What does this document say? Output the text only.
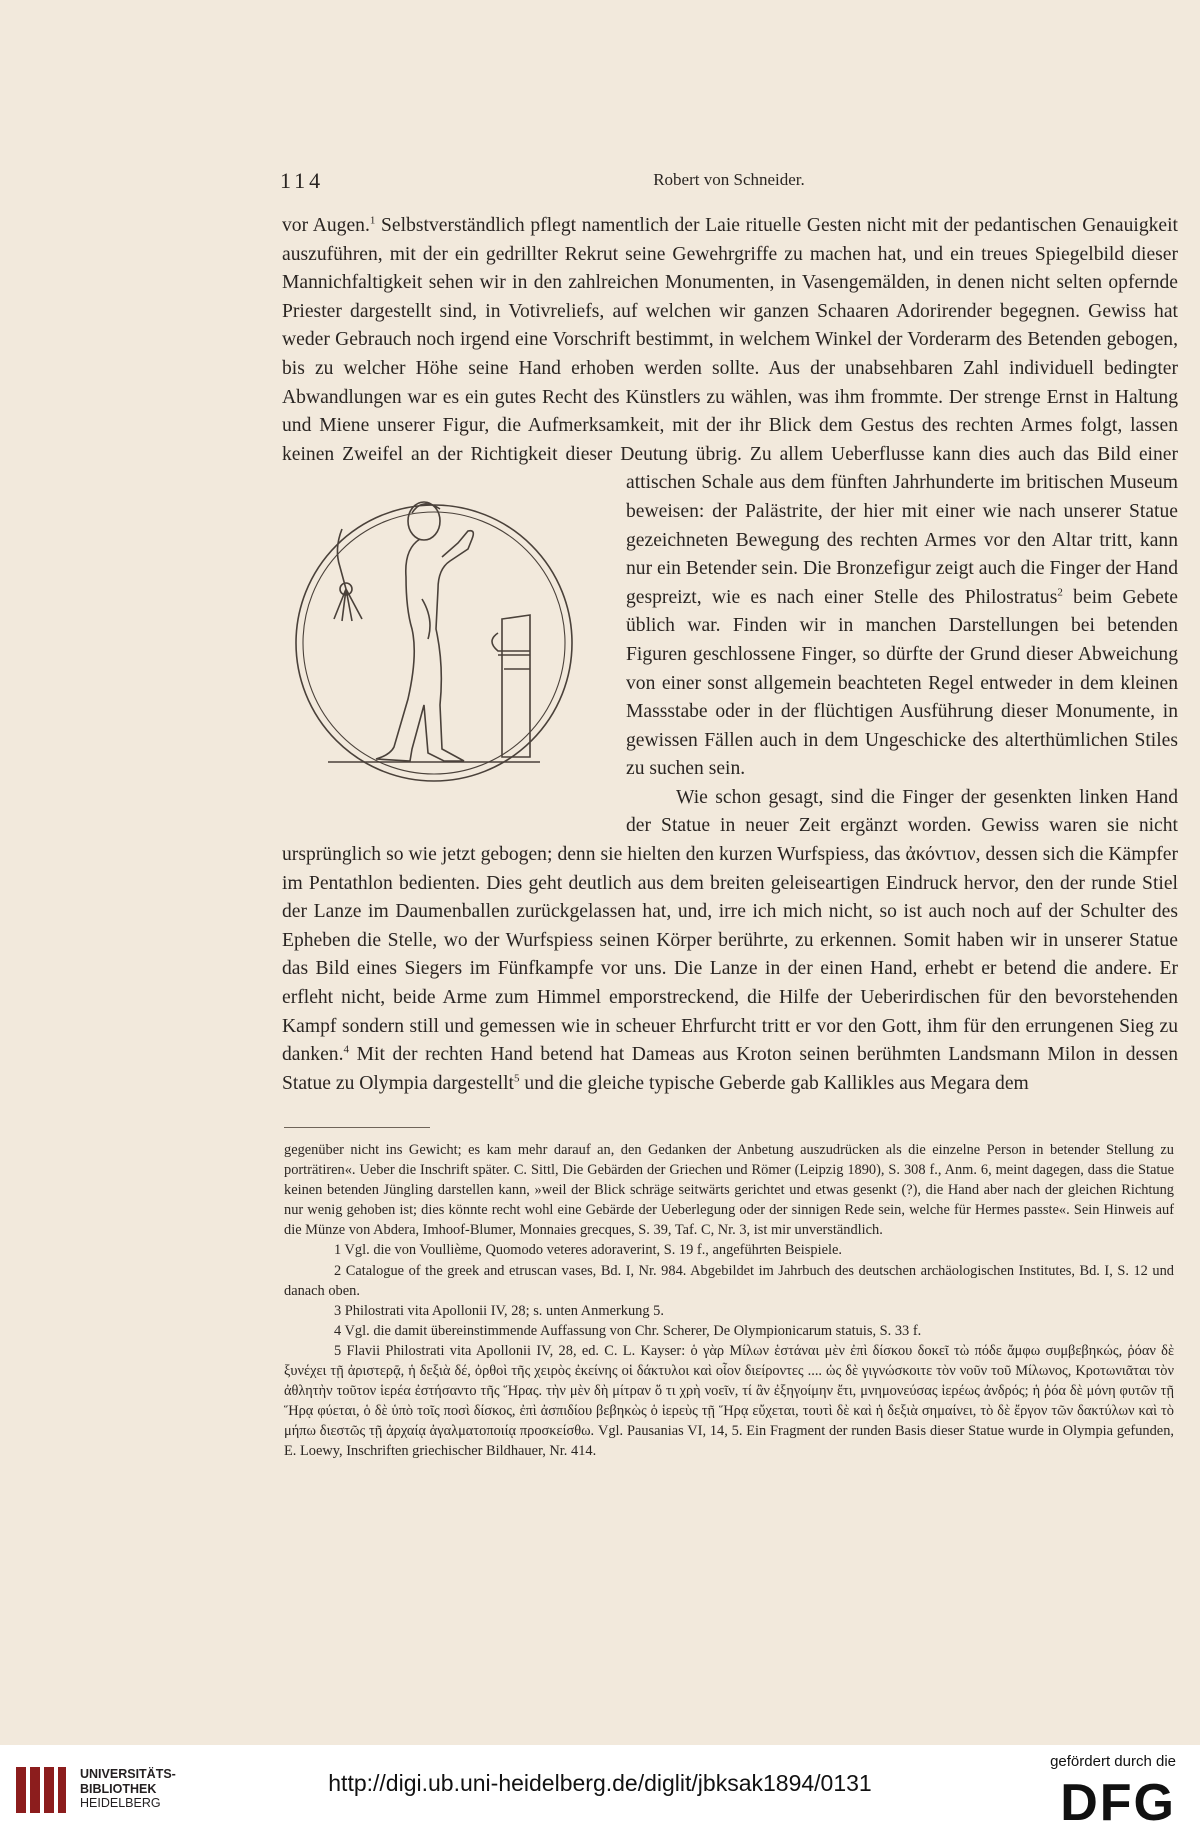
114	Robert von Schneider.

vor Augen.$^1$ Selbstverständlich pflegt namentlich der Laie rituelle Gesten nicht mit der pedantischen Genauigkeit auszuführen, mit der ein gedrillter Rekrut seine Gewehrgriffe zu machen hat, und ein treues Spiegelbild dieser Mannichfaltigkeit sehen wir in den zahlreichen Monumenten, in Vasengemälden, in denen nicht selten opfernde Priester dargestellt sind, in Votivreliefs, auf welchen wir ganzen Schaaren Adorirender begegnen. Gewiss hat weder Gebrauch noch irgend eine Vorschrift bestimmt, in welchem Winkel der Vorderarm des Betenden gebogen, bis zu welcher Höhe seine Hand erhoben werden sollte. Aus der unabsehbaren Zahl individuell bedingter Abwandlungen war es ein gutes Recht des Künstlers zu wählen, was ihm frommte. Der strenge Ernst in Haltung und Miene unserer Figur, die Aufmerksamkeit, mit der ihr Blick dem Gestus des rechten Armes folgt, lassen keinen Zweifel an der Richtigkeit dieser Deutung übrig. Zu allem Ueberflusse kann dies auch das Bild einer attischen Schale aus dem fünften Jahrhunderte im britischen Museum
beweisen: der Palästrite, der hier mit einer wie nach unserer Statue gezeichneten Bewegung des rechten Armes vor den Altar tritt, kann nur ein Betender sein. Die Bronzefigur zeigt auch die Finger der Hand gespreizt, wie es nach einer Stelle des Philostratus$^2$ beim Gebete üblich war. Finden wir in manchen Darstellungen bei betenden Figuren geschlossene Finger, so dürfte der Grund dieser Abweichung von einer sonst allgemein beachteten Regel entweder in dem kleinen Massstabe oder in der flüchtigen Ausführung dieser Monumente, in gewissen Fällen auch in dem Ungeschicke des alterthümlichen Stiles zu suchen sein.

Wie schon gesagt, sind die Finger der gesenkten linken Hand der Statue in neuer Zeit ergänzt worden. Gewiss waren sie nicht ursprünglich so wie jetzt gebogen; denn sie hielten den kurzen Wurfspiess, das ἀκόντιον, dessen sich die Kämpfer im Pentathlon bedienten. Dies geht deutlich aus dem breiten geleiseartigen Eindruck hervor, den der runde Stiel der Lanze im Daumenballen zurückgelassen hat, und, irre ich mich nicht, so ist auch noch auf der Schulter des Epheben die Stelle, wo der Wurfspiess seinen Körper berührte, zu erkennen. Somit haben wir in unserer Statue das Bild eines Siegers im Fünfkampfe vor uns. Die Lanze in der einen Hand, erhebt er betend die andere. Er erfleht nicht, beide Arme zum Himmel emporstreckend, die Hilfe der Ueberirdischen für den bevorstehenden Kampf sondern still und gemessen wie in scheuer Ehrfurcht tritt er vor den Gott, ihm für den errungenen Sieg zu danken.$^4$ Mit der rechten Hand betend hat Dameas aus Kroton seinen berühmten Landsmann Milon in dessen Statue zu Olympia dargestellt$^5$ und die gleiche typische Geberde gab Kallikles aus Megara dem

gegenüber nicht ins Gewicht; es kam mehr darauf an, den Gedanken der Anbetung auszudrücken als die einzelne Person in betender Stellung zu porträtiren«. Ueber die Inschrift später. C. Sittl, Die Gebärden der Griechen und Römer (Leipzig 1890), S. 308 f., Anm. 6, meint dagegen, dass die Statue keinen betenden Jüngling darstellen kann, »weil der Blick schräge seitwärts gerichtet und etwas gesenkt (?), die Hand aber nach der gleichen Richtung nur wenig gehoben ist; dies könnte recht wohl eine Gebärde der Ueberlegung oder der sinnigen Rede sein, welche für Hermes passte«. Sein Hinweis auf die Münze von Abdera, Imhoof-Blumer, Monnaies grecques, S. 39, Taf. C, Nr. 3, ist mir unverständlich.

1 Vgl. die von Voullième, Quomodo veteres adoraverint, S. 19 f., angeführten Beispiele.

2 Catalogue of the greek and etruscan vases, Bd. I, Nr. 984. Abgebildet im Jahrbuch des deutschen archäologischen Institutes, Bd. I, S. 12 und danach oben.

3 Philostrati vita Apollonii IV, 28; s. unten Anmerkung 5.

4 Vgl. die damit übereinstimmende Auffassung von Chr. Scherer, De Olympionicarum statuis, S. 33 f.

5 Flavii Philostrati vita Apollonii IV, 28, ed. C. L. Kayser: ὁ γὰρ Μίλων ἑστάναι μὲν ἐπὶ δίσκου δοκεῖ τὼ πόδε ἄμφω συμβεβηκώς, ῥόαν δὲ ξυνέχει τῇ ἀριστερᾷ, ἡ δεξιὰ δέ, ὀρθοὶ τῆς χειρὸς ἐκείνης οἱ δάκτυλοι καὶ οἷον διείροντες .... ὡς δὲ γιγνώσκοιτε τὸν νοῦν τοῦ Μίλωνος, Κροτωνιᾶται τὸν ἀθλητὴν τοῦτον ἱερέα ἐστήσαντο τῆς Ἥρας. τὴν μὲν δὴ μίτραν ὅ τι χρὴ νοεῖν, τί ἂν ἐξηγοίμην ἔτι, μνημονεύσας ἱερέως ἀνδρός; ἡ ῥόα δὲ μόνη φυτῶν τῇ Ἥρᾳ φύεται, ὁ δὲ ὑπὸ τοῖς ποσὶ δίσκος, ἐπὶ ἀσπιδίου βεβηκὼς ὁ ἱερεὺς τῇ Ἥρᾳ εὔχεται, τουτὶ δὲ καὶ ἡ δεξιὰ σημαίνει, τὸ δὲ ἔργον τῶν δακτύλων καὶ τὸ μήπω διεστῶς τῇ ἀρχαίᾳ ἀγαλματοποιίᾳ προσκείσθω. Vgl. Pausanias VI, 14, 5. Ein Fragment der runden Basis dieser Statue wurde in Olympia gefunden, E. Loewy, Inschriften griechischer Bildhauer, Nr. 414.

UNIVERSITÄTS-
BIBLIOTHEK
HEIDELBERG
http://digi.ub.uni-heidelberg.de/diglit/jbksak1894/0131
gefördert durch die
DFG
